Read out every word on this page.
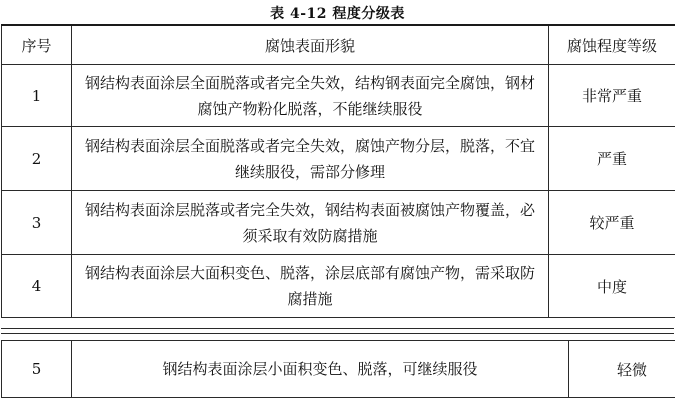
表 4-12 程度分级表
序号	腐蚀表面形貌	腐蚀程度等级
1	钢结构表面涂层全面脱落或者完全失效，结构钢表面完全腐蚀，钢材腐蚀产物粉化脱落，不能继续服役	非常严重
2	钢结构表面涂层全面脱落或者完全失效，腐蚀产物分层，脱落，不宜继续服役，需部分修理	严重
3	钢结构表面涂层脱落或者完全失效，钢结构表面被腐蚀产物覆盖，必须采取有效防腐措施	较严重
4	钢结构表面涂层大面积变色、脱落，涂层底部有腐蚀产物，需采取防腐措施	中度
5	钢结构表面涂层小面积变色、脱落，可继续服役	轻微
